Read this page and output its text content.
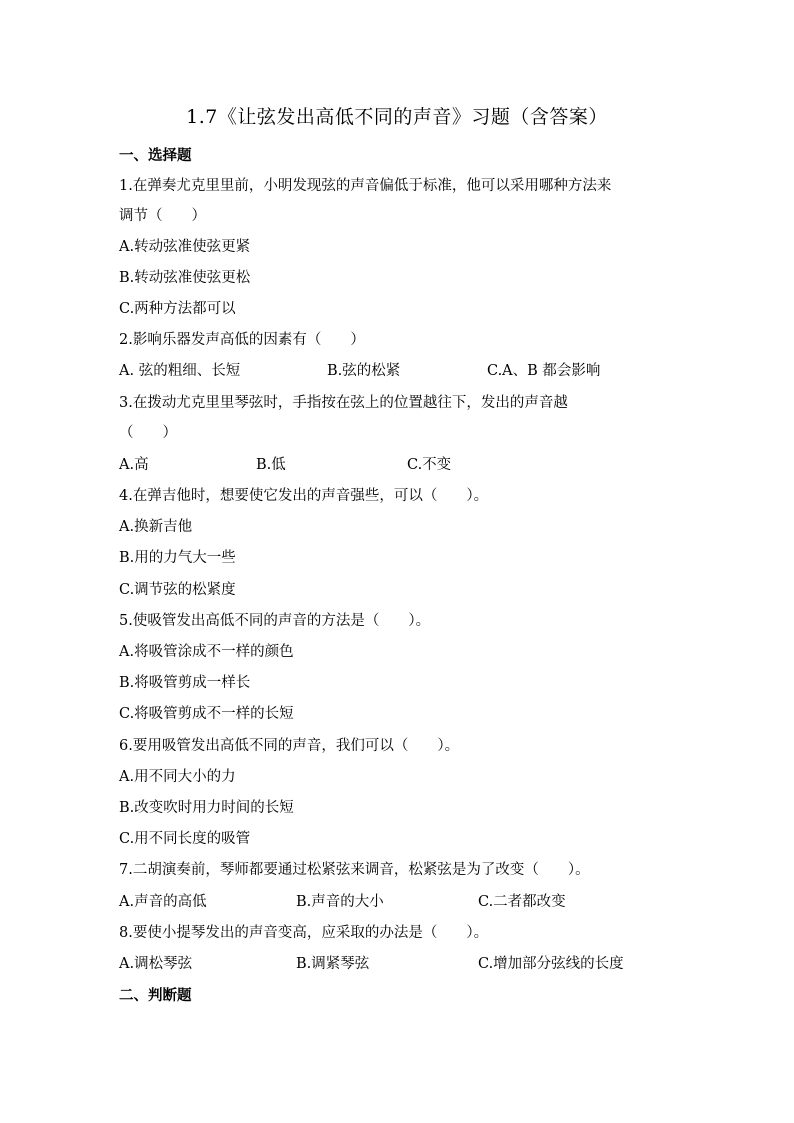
1.7《让弦发出高低不同的声音》习题（含答案）
一、选择题
1.在弹奏尤克里里前，小明发现弦的声音偏低于标准，他可以采用哪种方法来
调节（　　）
A.转动弦准使弦更紧
B.转动弦准使弦更松
C.两种方法都可以
2.影响乐器发声高低的因素有（　　）
A. 弦的粗细、长短	B.弦的松紧	C.A、B 都会影响
3.在拨动尤克里里琴弦时，手指按在弦上的位置越往下，发出的声音越
（　　）
A.高	B.低	C.不变
4.在弹吉他时，想要使它发出的声音强些，可以（　　）。
A.换新吉他
B.用的力气大一些
C.调节弦的松紧度
5.使吸管发出高低不同的声音的方法是（　　）。
A.将吸管涂成不一样的颜色
B.将吸管剪成一样长
C.将吸管剪成不一样的长短
6.要用吸管发出高低不同的声音，我们可以（　　）。
A.用不同大小的力
B.改变吹时用力时间的长短
C.用不同长度的吸管
7.二胡演奏前，琴师都要通过松紧弦来调音，松紧弦是为了改变（　　）。
A.声音的高低	B.声音的大小	C.二者都改变
8.要使小提琴发出的声音变高，应采取的办法是（　　）。
A.调松琴弦	B.调紧琴弦	C.增加部分弦线的长度
二、判断题
